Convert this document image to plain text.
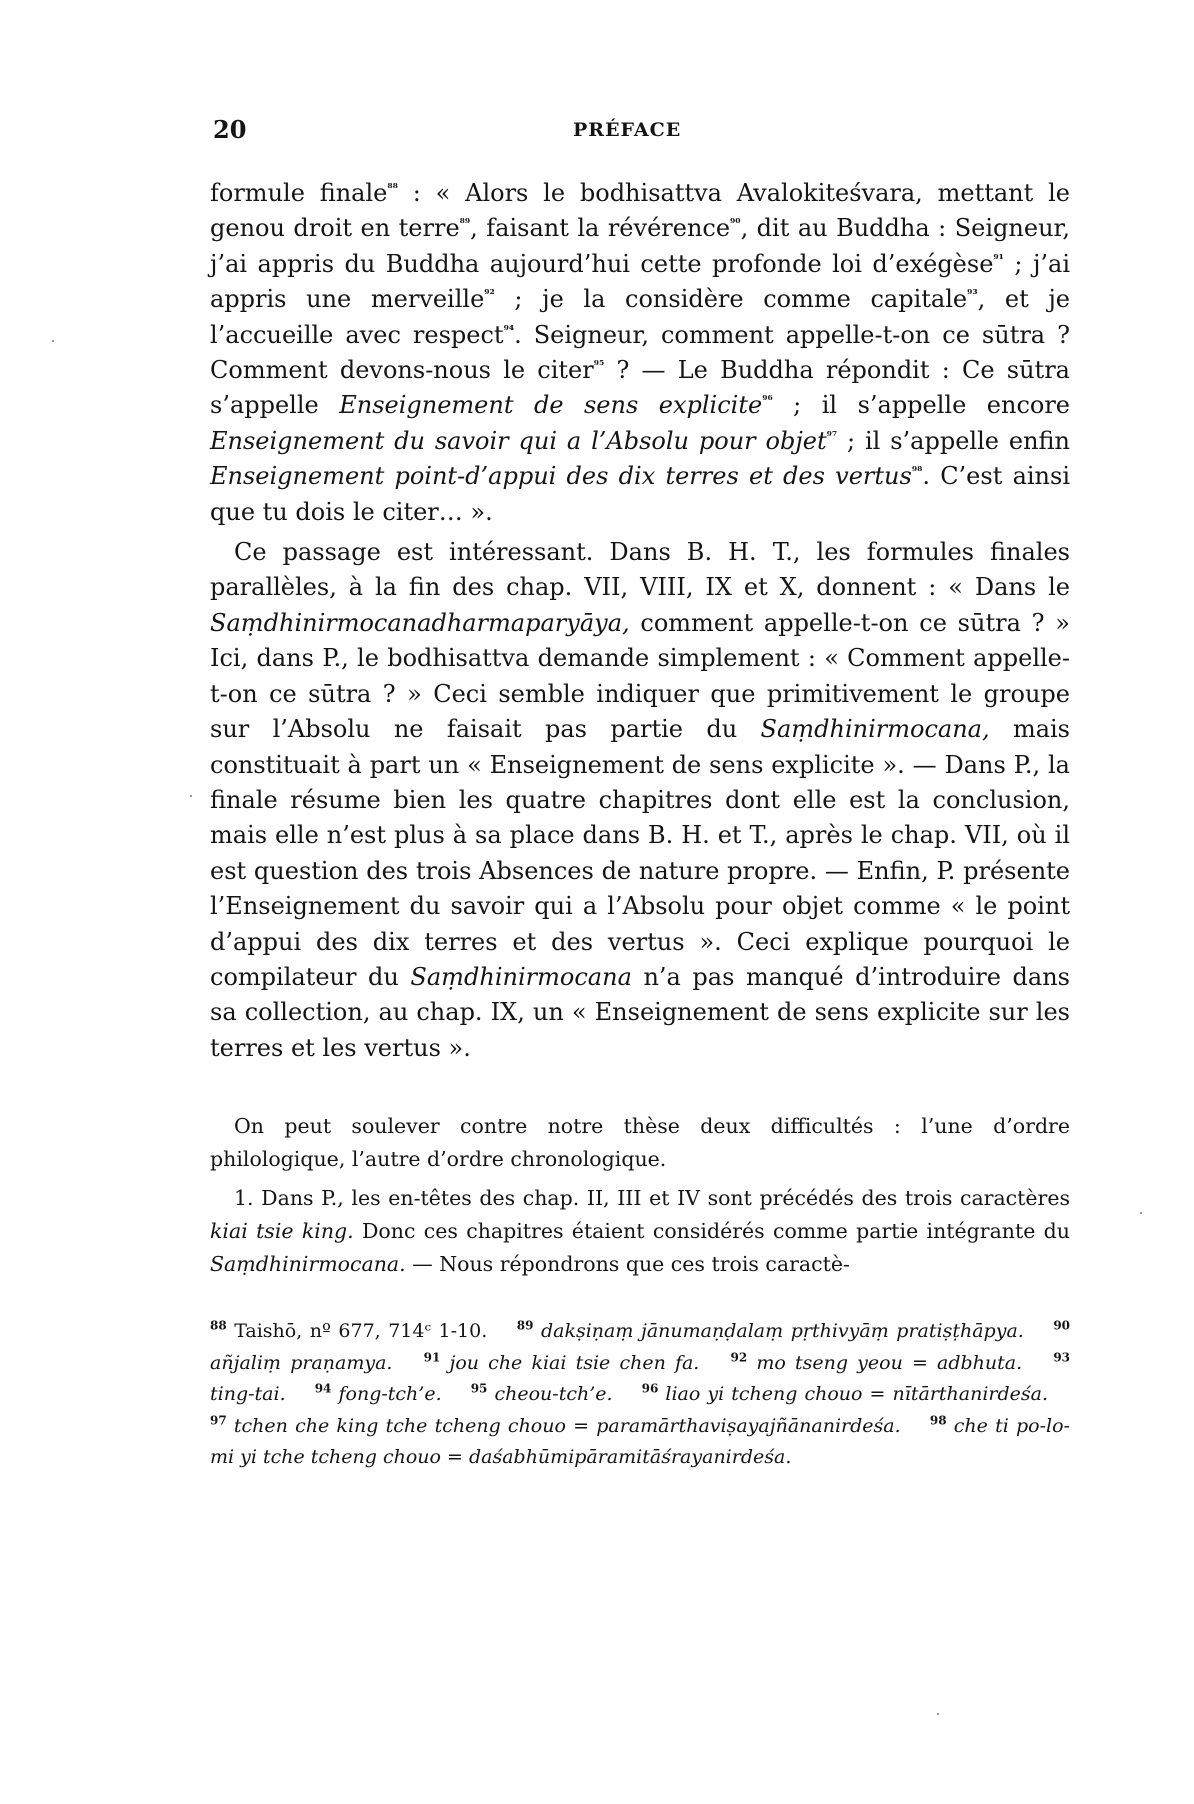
20	PRÉFACE

formule finale$^{^{88}}$ : « Alors le bodhisattva Avalokiteśvara, mettant le genou droit en terre$^{^{89}}$, faisant la révérence$^{^{90}}$, dit au Buddha : Seigneur, j’ai appris du Buddha aujourd’hui cette profonde loi d’exégèse$^{^{91}}$ ; j’ai appris une merveille$^{^{92}}$ ; je la considère comme capitale$^{^{93}}$, et je l’accueille avec respect$^{^{94}}$. Seigneur, comment appelle-t-on ce sūtra ? Comment devons-nous le citer$^{^{95}}$ ? — Le Buddha répondit : Ce sūtra s’appelle Enseignement de sens explicite$^{^{96}}$ ; il s’appelle encore Enseignement du savoir qui a l’Absolu pour objet$^{^{97}}$ ; il s’appelle enfin Enseignement point-d’appui des dix terres et des vertus$^{^{98}}$. C’est ainsi que tu dois le citer… ».

Ce passage est intéressant. Dans B. H. T., les formules finales parallèles, à la fin des chap. VII, VIII, IX et X, donnent : « Dans le Saṃdhinirmocanadharmaparyāya, comment appelle-t-on ce sūtra ? » Ici, dans P., le bodhisattva demande simplement : « Comment appelle-t-on ce sūtra ? » Ceci semble indiquer que primitivement le groupe sur l’Absolu ne faisait pas partie du Saṃdhinirmocana, mais constituait à part un « Enseignement de sens explicite ». — Dans P., la finale résume bien les quatre chapitres dont elle est la conclusion, mais elle n’est plus à sa place dans B. H. et T., après le chap. VII, où il est question des trois Absences de nature propre. — Enfin, P. présente l’Enseignement du savoir qui a l’Absolu pour objet comme « le point d’appui des dix terres et des vertus ». Ceci explique pourquoi le compilateur du Saṃdhinirmocana n’a pas manqué d’introduire dans sa collection, au chap. IX, un « Enseignement de sens explicite sur les terres et les vertus ».

On peut soulever contre notre thèse deux difficultés : l’une d’ordre philologique, l’autre d’ordre chronologique.

1. Dans P., les en-têtes des chap. II, III et IV sont précédés des trois caractères kiai tsie king. Donc ces chapitres étaient considérés comme partie intégrante du Saṃdhinirmocana. — Nous répondrons que ces trois caractè-

$^{88}$ Taishō, nº 677, 714ᶜ 1-10. $^{89}$ dakṣiṇaṃ jānumaṇḍalaṃ pṛthivyāṃ pratiṣṭhāpya. $^{90}$ añjaliṃ praṇamya.	$^{91}$ jou che kiai tsie chen fa.	$^{92}$ mo tseng yeou = adbhuta.	$^{93}$ ting-tai. $^{94}$ fong-tch’e. $^{95}$ cheou-tch’e. $^{96}$ liao yi tcheng chouo = nītārthanirdeśa. $^{97}$ tchen che king tche tcheng chouo = paramārthaviṣayajñānanirdeśa. $^{98}$ che ti po-lo-mi yi tche tcheng chouo = daśabhūmipāramitāśrayanirdeśa.
